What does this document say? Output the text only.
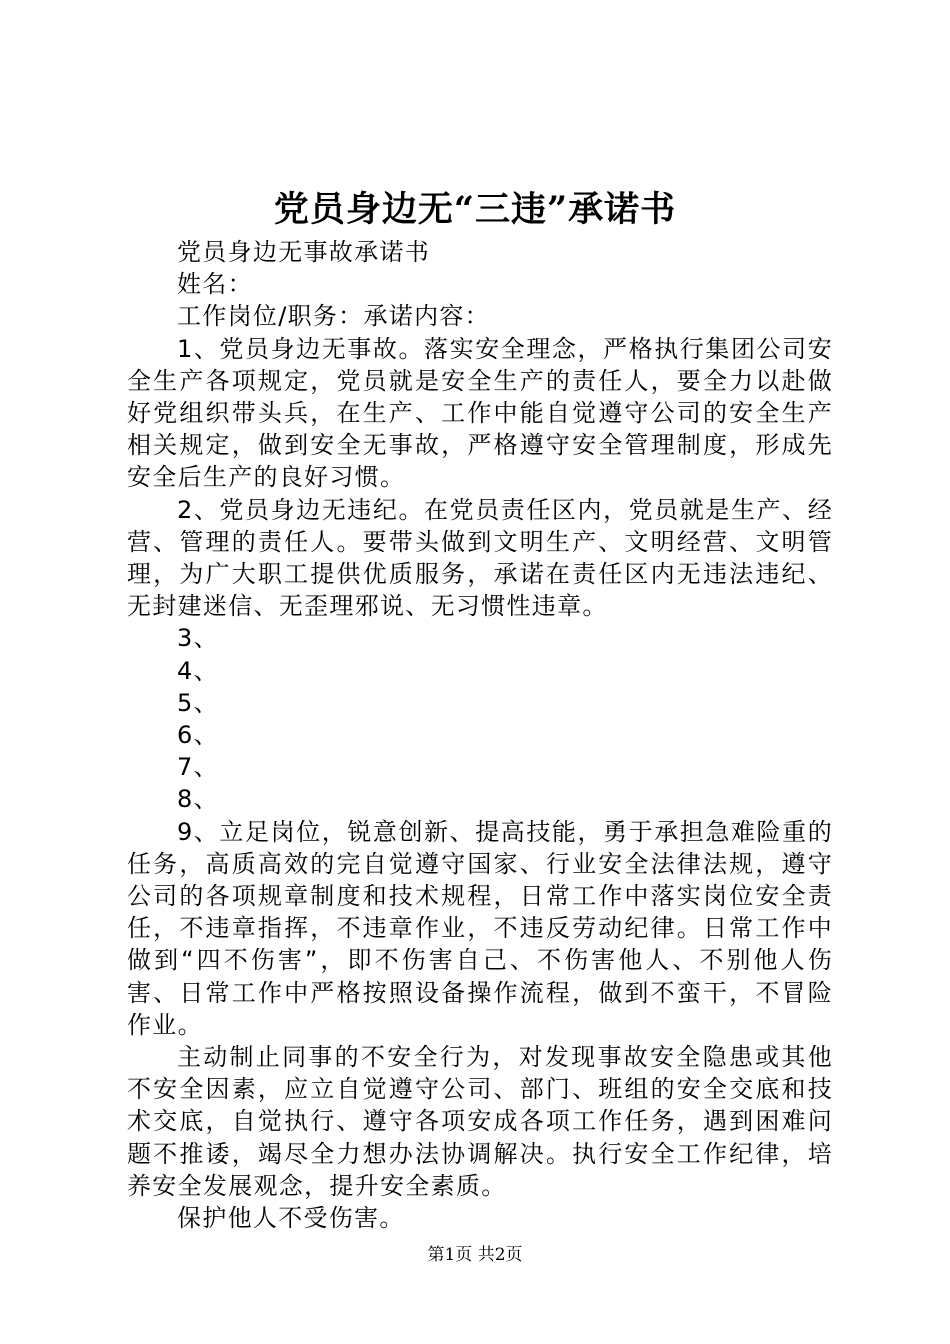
党员身边无“三违”承诺书

党员身边无事故承诺书

姓名：

工作岗位/职务：承诺内容：

1、党员身边无事故。落实安全理念，严格执行集团公司安全生产各项规定，党员就是安全生产的责任人，要全力以赴做好党组织带头兵，在生产、工作中能自觉遵守公司的安全生产相关规定，做到安全无事故，严格遵守安全管理制度，形成先安全后生产的良好习惯。

2、党员身边无违纪。在党员责任区内，党员就是生产、经营、管理的责任人。要带头做到文明生产、文明经营、文明管理，为广大职工提供优质服务，承诺在责任区内无违法违纪、无封建迷信、无歪理邪说、无习惯性违章。

3、

4、

5、

6、

7、

8、

9、立足岗位，锐意创新、提高技能，勇于承担急难险重的任务，高质高效的完自觉遵守国家、行业安全法律法规，遵守公司的各项规章制度和技术规程，日常工作中落实岗位安全责任，不违章指挥，不违章作业，不违反劳动纪律。日常工作中做到“四不伤害”，即不伤害自己、不伤害他人、不别他人伤害、日常工作中严格按照设备操作流程，做到不蛮干，不冒险作业。

主动制止同事的不安全行为，对发现事故安全隐患或其他不安全因素，应立自觉遵守公司、部门、班组的安全交底和技术交底，自觉执行、遵守各项安成各项工作任务，遇到困难问题不推诿，竭尽全力想办法协调解决。执行安全工作纪律，培养安全发展观念，提升安全素质。

保护他人不受伤害。

第1页 共2页
